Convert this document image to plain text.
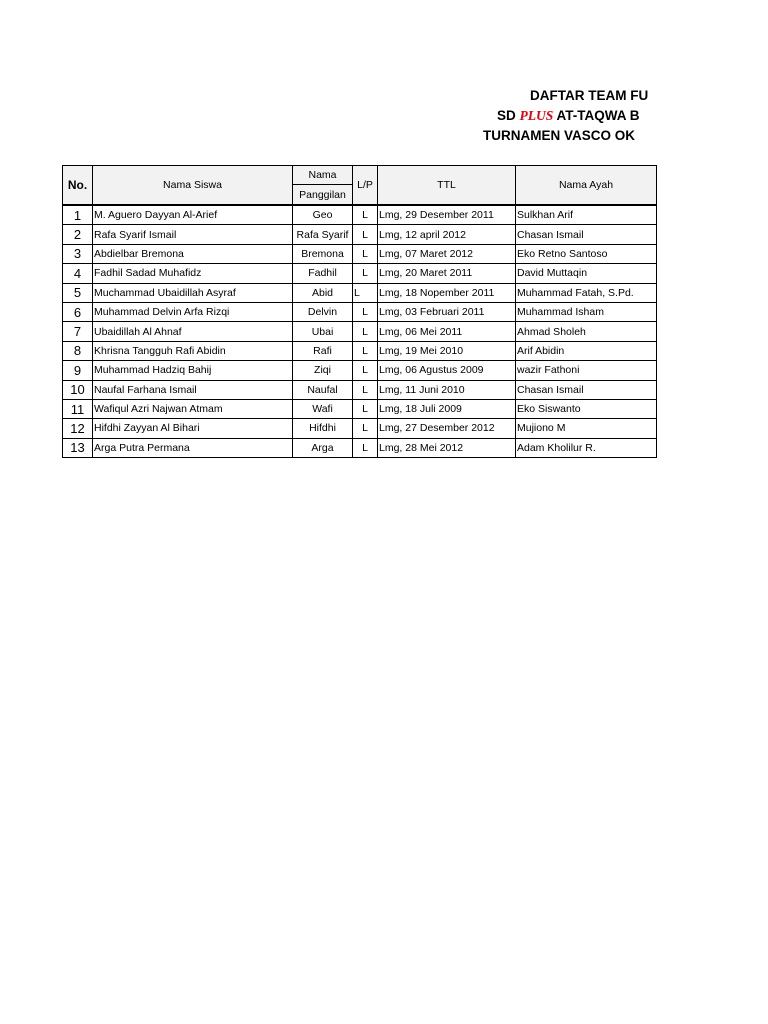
DAFTAR TEAM FU
SD PLUS AT-TAQWA B
TURNAMEN VASCO OK
No.	Nama Siswa	Nama	L/P	TTL	Nama Ayah
		Panggilan			
1	M. Aguero Dayyan Al-Arief	Geo	L	Lmg, 29 Desember 2011	Sulkhan Arif
2	Rafa Syarif Ismail	Rafa Syarif	L	Lmg, 12 april 2012	Chasan Ismail
3	Abdielbar Bremona	Bremona	L	Lmg, 07 Maret 2012	Eko Retno Santoso
4	Fadhil Sadad Muhafidz	Fadhil	L	Lmg, 20 Maret 2011	David Muttaqin
5	Muchammad Ubaidillah Asyraf	Abid	L	Lmg, 18 Nopember 2011	Muhammad Fatah, S.Pd.
6	Muhammad Delvin Arfa Rizqi	Delvin	L	Lmg, 03 Februari 2011	Muhammad Isham
7	Ubaidillah Al Ahnaf	Ubai	L	Lmg, 06 Mei 2011	Ahmad Sholeh
8	Khrisna Tangguh Rafi Abidin	Rafi	L	Lmg, 19 Mei 2010	Arif Abidin
9	Muhammad Hadziq Bahij	Ziqi	L	Lmg, 06 Agustus 2009	wazir Fathoni
10	Naufal Farhana Ismail	Naufal	L	Lmg, 11 Juni 2010	Chasan Ismail
11	Wafiqul Azri Najwan Atmam	Wafi	L	Lmg, 18 Juli 2009	Eko Siswanto
12	Hifdhi Zayyan Al Bihari	Hifdhi	L	Lmg, 27 Desember 2012	Mujiono M
13	Arga Putra Permana	Arga	L	Lmg, 28 Mei 2012	Adam Kholilur R.
